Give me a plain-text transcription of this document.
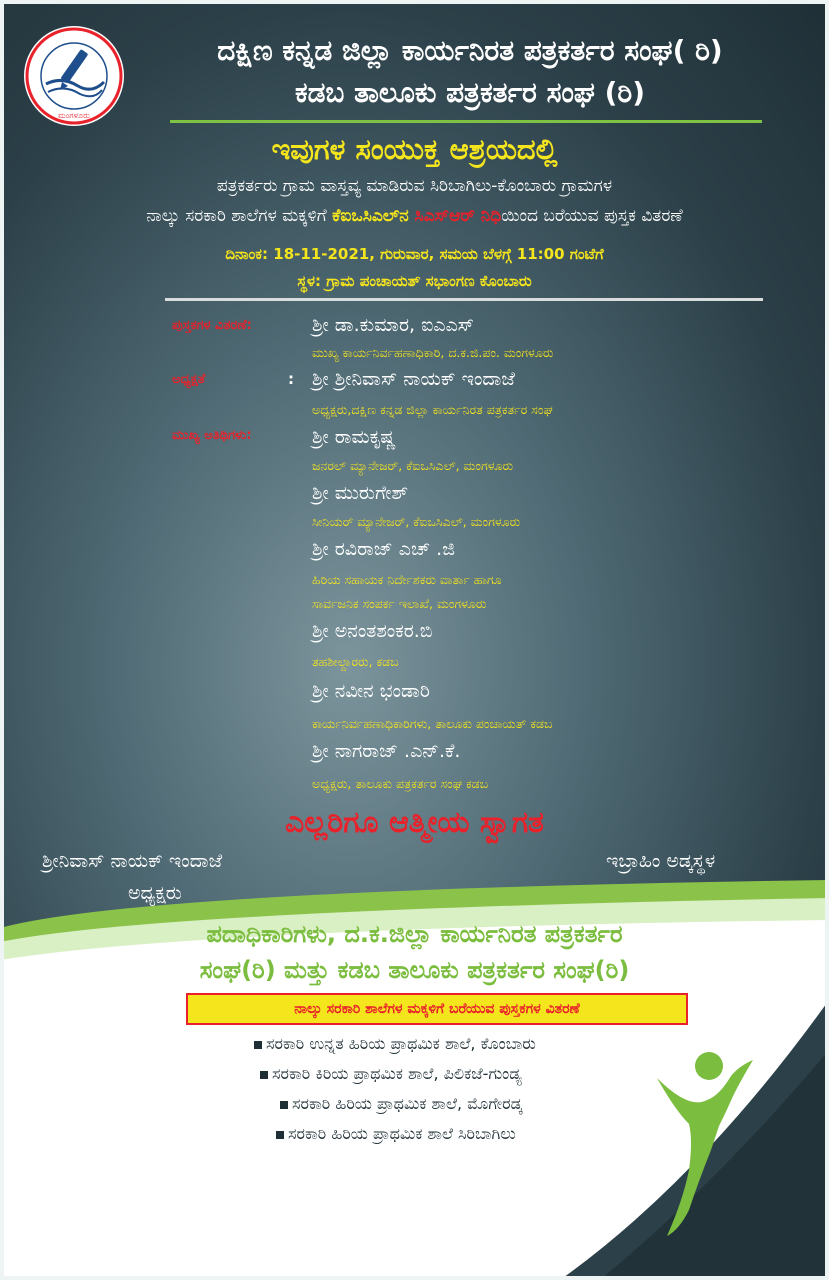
ಮಂಗಳೂರು
ದಕ್ಷಿಣ ಕನ್ನಡ ಜಿಲ್ಲಾ ಕಾರ್ಯನಿರತ ಪತ್ರಕರ್ತರ ಸಂಘ( ರಿ)
ಕಡಬ ತಾಲೂಕು ಪತ್ರಕರ್ತರ ಸಂಘ (ರಿ)
ಇವುಗಳ ಸಂಯುಕ್ತ ಆಶ್ರಯದಲ್ಲಿ
ಪತ್ರಕರ್ತರು ಗ್ರಾಮ ವಾಸ್ತವ್ಯ ಮಾಡಿರುವ ಸಿರಿಬಾಗಿಲು-ಕೊಂಬಾರು ಗ್ರಾಮಗಳ
ನಾಲ್ಕು ಸರಕಾರಿ ಶಾಲೆಗಳ ಮಕ್ಕಳಿಗೆ ಕೆಐಒಸಿಎಲ್‌ನ ಸಿಎಸ್‌ಆರ್ ನಿಧಿಯಿಂದ ಬರೆಯುವ ಪುಸ್ತಕ ವಿತರಣೆ
ದಿನಾಂಕ: 18-11-2021, ಗುರುವಾರ, ಸಮಯ ಬೆಳಗ್ಗೆ 11:00 ಗಂಟೆಗೆ
ಸ್ಥಳ: ಗ್ರಾಮ ಪಂಚಾಯತ್ ಸಭಾಂಗಣ ಕೊಂಬಾರು
ಪುಸ್ತಕಗಳ ವಿತರಣೆ:
ಅಧ್ಯಕ್ಷತೆ	:
ಮುಖ್ಯ ಅತಿಥಿಗಳು:
ಶ್ರೀ ಡಾ.ಕುಮಾರ, ಐಎಎಸ್
ಮುಖ್ಯ ಕಾರ್ಯನಿರ್ವಹಣಾಧಿಕಾರಿ, ದ.ಕ.ಜಿ.ಪಂ. ಮಂಗಳೂರು
ಶ್ರೀ ಶ್ರೀನಿವಾಸ್ ನಾಯಕ್ ಇಂದಾಜೆ
ಅಧ್ಯಕ್ಷರು,ದಕ್ಷಿಣ ಕನ್ನಡ ಜಿಲ್ಲಾ ಕಾರ್ಯನಿರತ ಪತ್ರಕರ್ತರ ಸಂಘ
ಶ್ರೀ ರಾಮಕೃಷ್ಣ
ಜನರಲ್ ಮ್ಯಾನೇಜರ್, ಕೆಐಒಸಿಎಲ್, ಮಂಗಳೂರು
ಶ್ರೀ ಮುರುಗೇಶ್
ಸೀನಿಯರ್ ಮ್ಯಾನೇಜರ್, ಕೆಐಒಸಿಎಲ್, ಮಂಗಳೂರು
ಶ್ರೀ ರವಿರಾಜ್ ಎಚ್ .ಜಿ
ಹಿರಿಯ ಸಹಾಯಕ ನಿರ್ದೇಶಕರು ವಾರ್ತಾ ಹಾಗೂ
ಸಾರ್ವಜನಿಕ ಸಂಪರ್ಕ ಇಲಾಖೆ, ಮಂಗಳೂರು
ಶ್ರೀ ಅನಂತಶಂಕರ.ಬಿ
ತಹಶೀಲ್ದಾರರು, ಕಡಬ
ಶ್ರೀ ನವೀನ ಭಂಡಾರಿ
ಕಾರ್ಯನಿರ್ವಹಣಾಧಿಕಾರಿಗಳು, ತಾಲೂಕು ಪಂಚಾಯತ್ ಕಡಬ
ಶ್ರೀ ನಾಗರಾಜ್ .ಎನ್.ಕೆ.
ಅಧ್ಯಕ್ಷರು, ತಾಲೂಕು ಪತ್ರಕರ್ತರ ಸಂಘ ಕಡಬ
ಎಲ್ಲರಿಗೂ ಆತ್ಮೀಯ ಸ್ವಾಗತ
ಶ್ರೀನಿವಾಸ್ ನಾಯಕ್ ಇಂದಾಜೆ
ಅಧ್ಯಕ್ಷರು
ಇಬ್ರಾಹಿಂ ಅಡ್ಕಸ್ಥಳ
ಪದಾಧಿಕಾರಿಗಳು, ದ.ಕ.ಜಿಲ್ಲಾ ಕಾರ್ಯನಿರತ ಪತ್ರಕರ್ತರ
ಸಂಘ(ರಿ) ಮತ್ತು ಕಡಬ ತಾಲೂಕು ಪತ್ರಕರ್ತರ ಸಂಘ(ರಿ)
ನಾಲ್ಕು ಸರಕಾರಿ ಶಾಲೆಗಳ ಮಕ್ಕಳಿಗೆ ಬರೆಯುವ ಪುಸ್ತಕಗಳ ವಿತರಣೆ
ಸರಕಾರಿ ಉನ್ನತ ಹಿರಿಯ ಪ್ರಾಥಮಿಕ ಶಾಲೆ, ಕೊಂಬಾರು
ಸರಕಾರಿ ಕಿರಿಯ ಪ್ರಾಥಮಿಕ ಶಾಲೆ, ಪಿಲಿಕಜೆ-ಗುಂಡ್ಯ
ಸರಕಾರಿ ಹಿರಿಯ ಪ್ರಾಥಮಿಕ ಶಾಲೆ, ಮೊಗೇರಡ್ಕ
ಸರಕಾರಿ ಹಿರಿಯ ಪ್ರಾಥಮಿಕ ಶಾಲೆ ಸಿರಿಬಾಗಿಲು
